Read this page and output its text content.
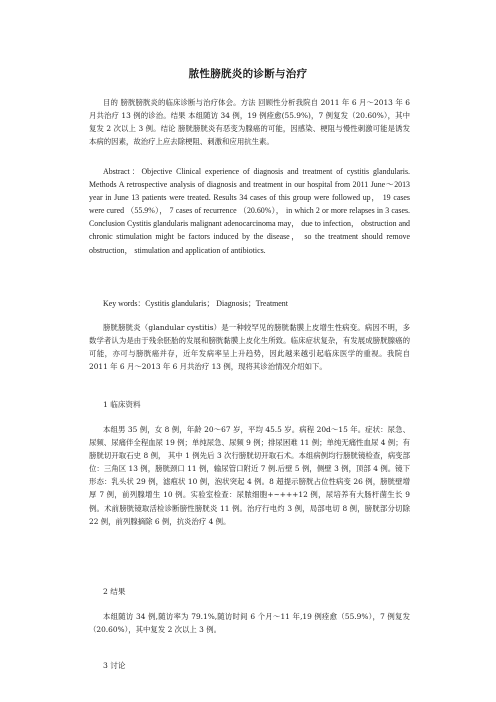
脓性膀胱炎的诊断与治疗

目的 膀胱膀胱炎的临床诊断与治疗体会。方法 回顾性分析我院自 2011 年 6 月～2013 年 6 月共治疗 13 例的诊治。结果 本组随访 34 例，19 例痊愈(55.9%)，7 例复发（20.60%），其中复发 2 次以上 3 例。结论 膀胱膀胱炎有恶变为腺癌的可能，因感染、梗阻与慢性刺激可能是诱发本病的因素，故治疗上应去除梗阻、刺激和应用抗生素。

Abstract：Objective Clinical experience of diagnosis and treatment of cystitis glandularis. Methods A retrospective analysis of diagnosis and treatment in our hospital from 2011 June～2013 year in June 13 patients were treated. Results 34 cases of this group were followed up， 19 cases were cured （55.9%）， 7 cases of recurrence （20.60%）， in which 2 or more relapses in 3 cases. Conclusion Cystitis glandularis malignant adenocarcinoma may， due to infection， obstruction and chronic stimulation might be factors induced by the disease， so the treatment should remove obstruction， stimulation and application of antibiotics.

Key words：Cystitis glandularis； Diagnosis；Treatment

膀胱膀胱炎（glandular cystitis）是一种较罕见的膀胱黏膜上皮增生性病变。病因不明，多数学者认为是由于残余胚胎的发展和膀胱黏膜上皮化生所致。临床症状复杂，有发展成膀胱腺癌的可能，亦可与膀胱癌并存，近年发病率呈上升趋势，因此越来越引起临床医学的重视。我院自 2011 年 6 月～2013 年 6 月共治疗 13 例，现将其诊治情况介绍如下。

1 临床资料

本组男 35 例，女 8 例，年龄 20～67 岁，平均 45.5 岁。病程 20d～15 年。症状：尿急、尿频、尿痛伴全程血尿 19 例；单纯尿急、尿频 9 例；排尿困难 11 例；单纯无痛性血尿 4 例；有膀胱切开取石史 8 例， 其中 1 例先后 3 次行膀胱切开取石术。本组病例均行膀胱镜检查，病变部位：三角区 13 例，膀胱颈口 11 例，输尿管口附近 7 例.后壁 5 例，侧壁 3 例，顶部 4 例。镜下形态：乳头状 29 例，滤疱状 10 例，泡状突起 4 例。8 超提示膀胱占位性病变 26 例，膀胱壁增厚 7 例，前列腺增生 10 例。实验室检查：尿脓细胞+~+++12 例，尿培养有大肠杆菌生长 9 例。术前膀胱镜取活检诊断膀性膀胱炎 11 例。治疗行电灼 3 例，局部电切 8 例，膀胱部分切除 22 例，前列腺摘除 6 例，抗炎治疗 4 例。

2 结果

本组随访 34 例,随访率为 79.1%,随访时间 6 个月～11 年,19 例痊愈（55.9%），7 例复发（20.60%），其中复发 2 次以上 3 例。

3 讨论
